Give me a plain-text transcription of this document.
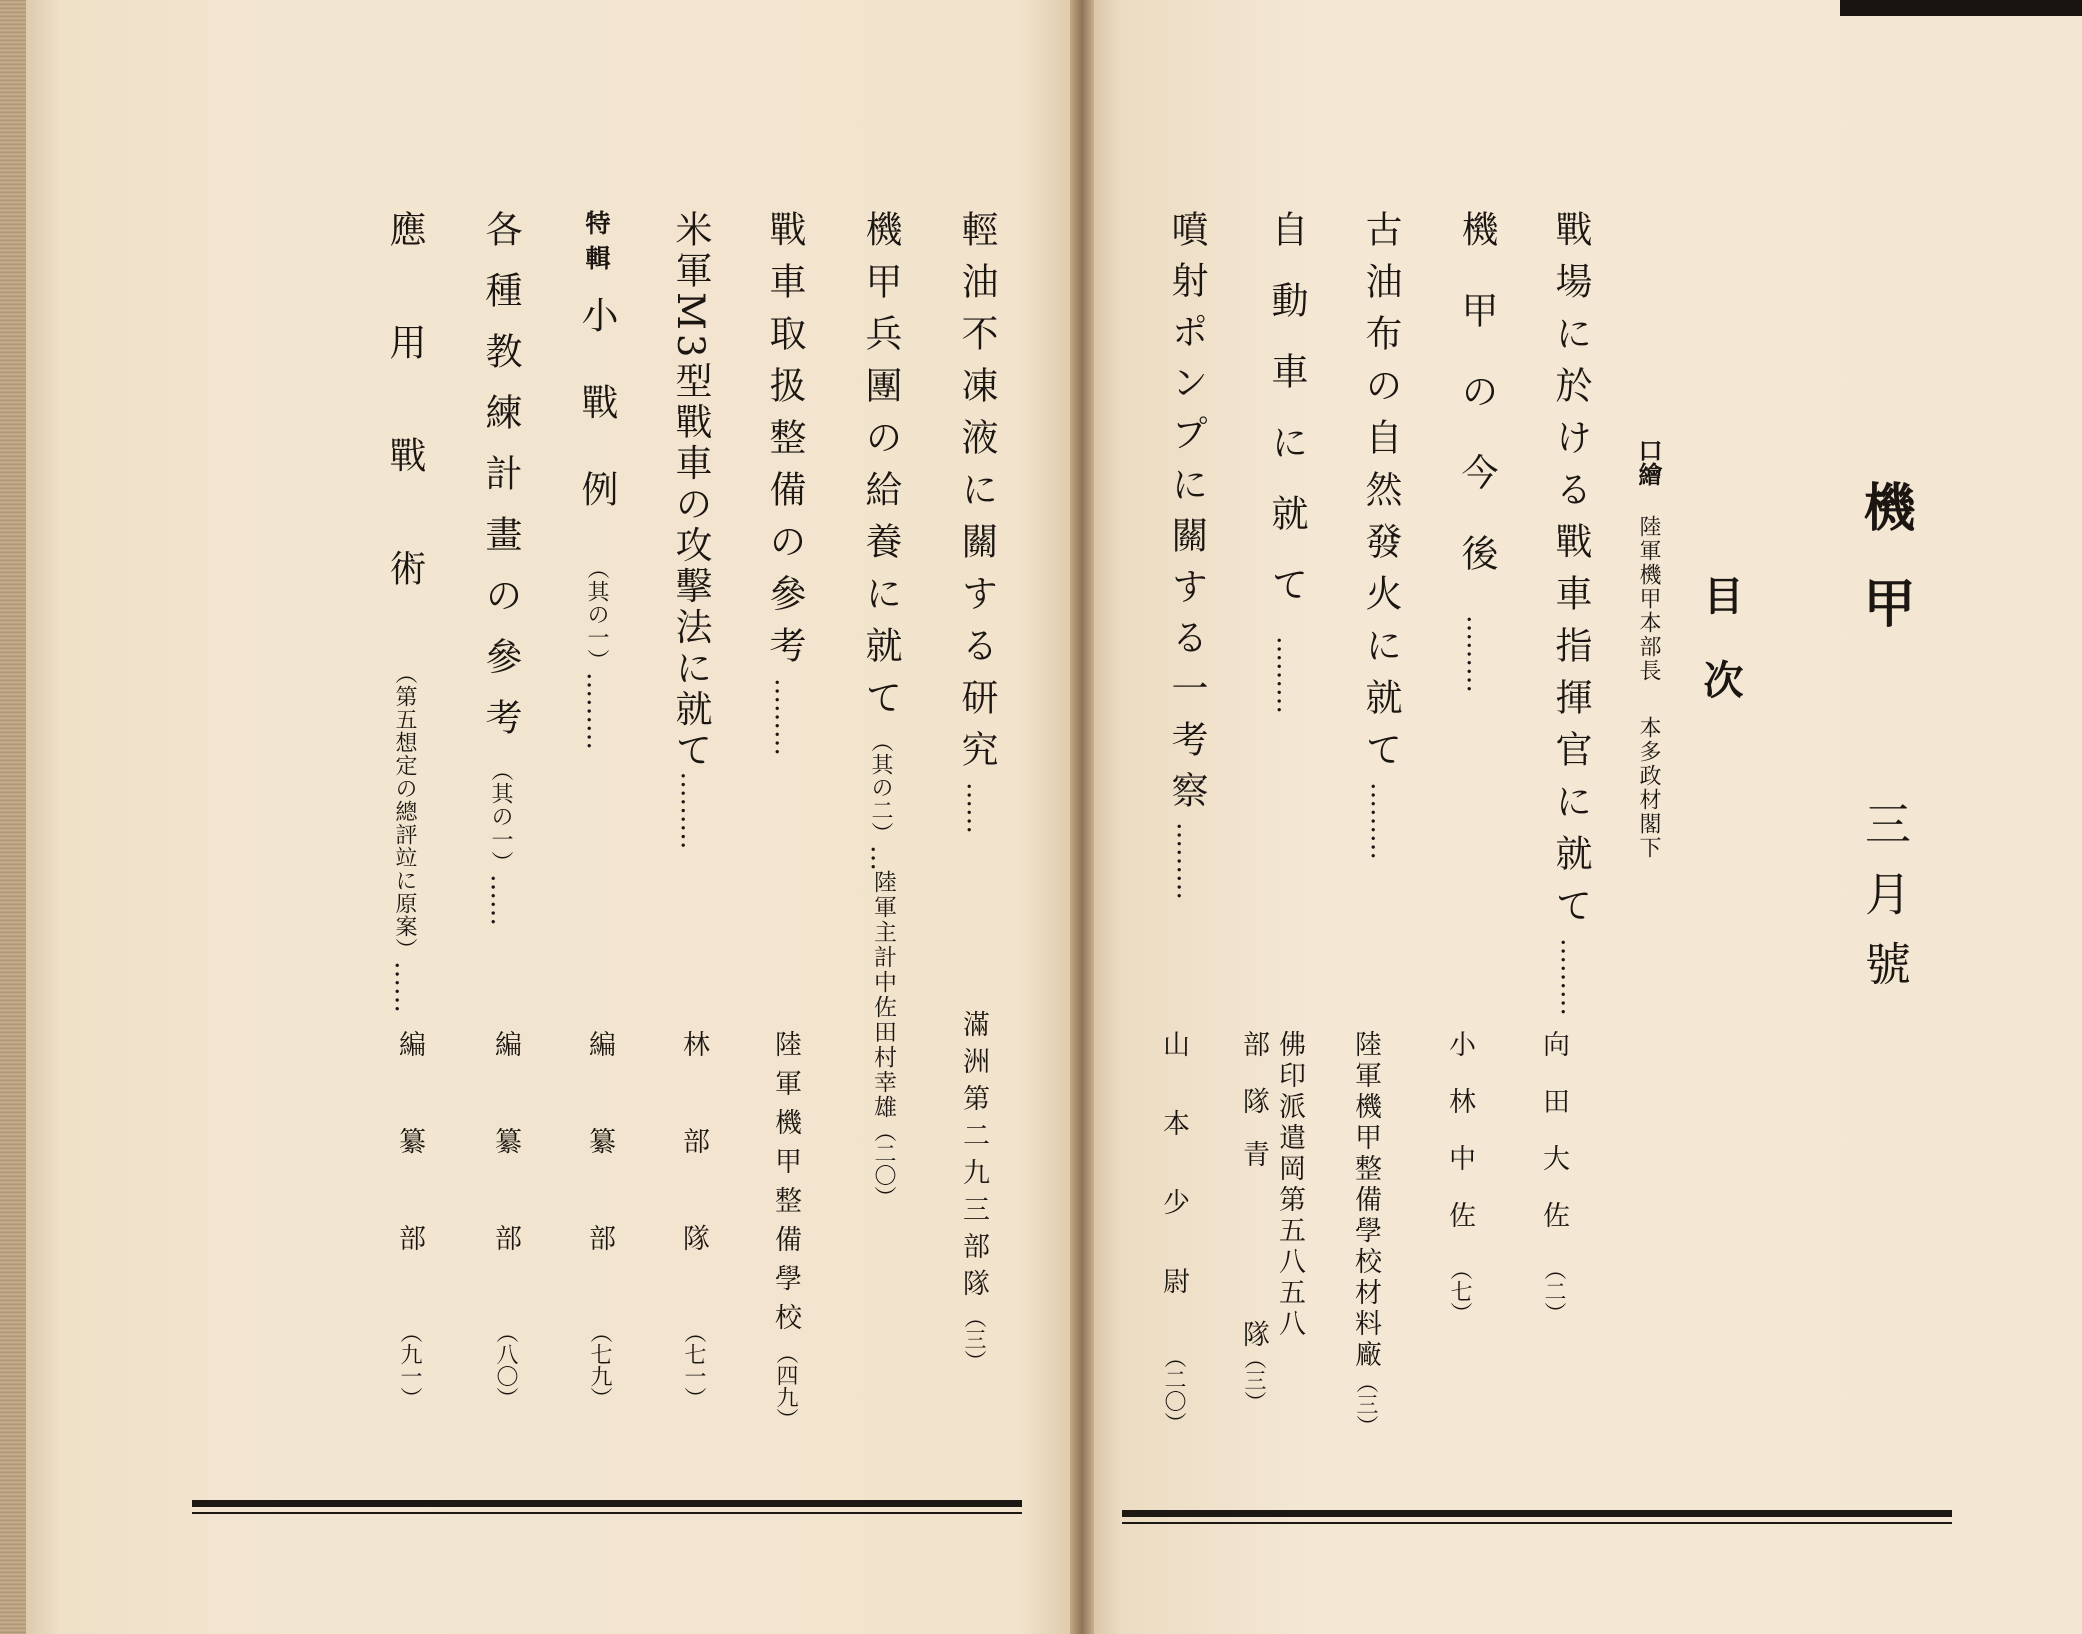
機甲
三月號
目次
口繪 陸軍機甲本部長 本多政材閣下
戰場に於ける戰車指揮官に就て………
向田大佐（二）
機甲の今後………
小林中佐（七）
古油布の自然發火に就て………
陸軍機甲整備學校材料廠（三）
自動車に就て………
佛印派遣岡第五八五八
部隊
青
隊（三）
噴射ポンプに關する一考察………
山本少尉（二〇）
輕油不凍液に關する研究……
滿洲第二九三部隊（三）
機甲兵團の給養に就て（其の二）…
陸軍主計中佐田村幸雄（二〇）
戰車取扱整備の參考………
陸軍機甲整備學校（四九）
米軍M3型戰車の攻擊法に就て………
林部隊（七一）
特輯小戰例（其の一）………
編纂部（七九）
各種教練計畫の參考（其の一）……
編纂部（八〇）
應用戰術（第五想定の總評竝に原案）……
編纂部（九一）
